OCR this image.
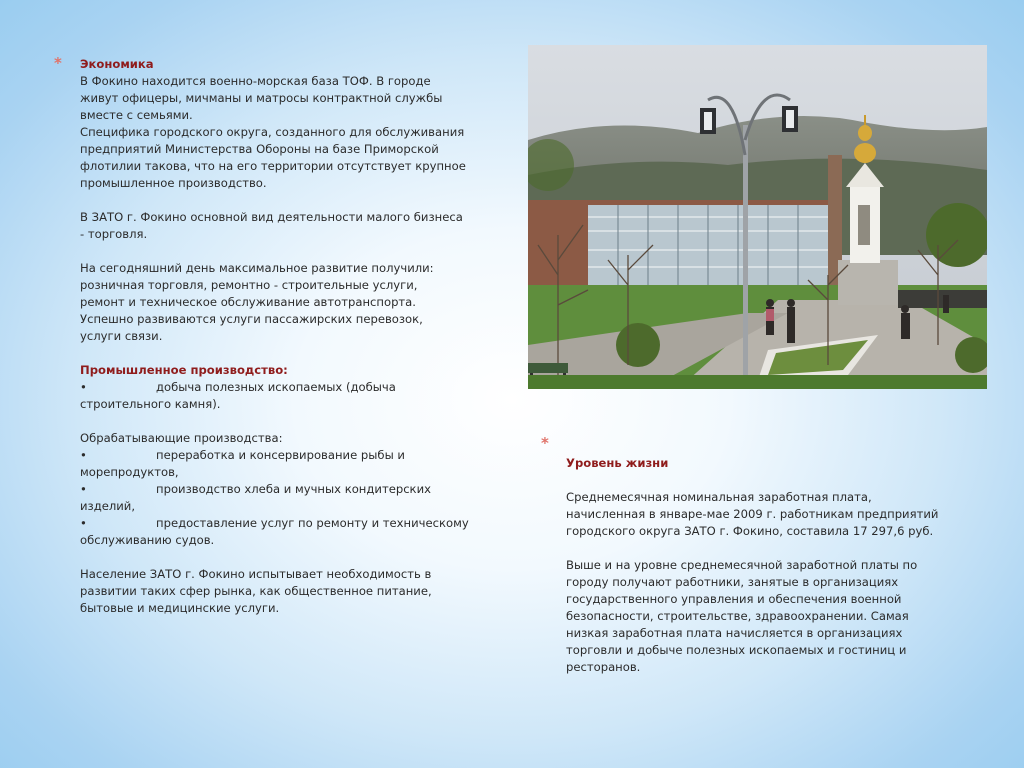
* Экономика

В Фокино находится военно-морская база ТОФ. В городе

живут офицеры, мичманы и матросы контрактной службы

вместе с семьями.

Специфика городского округа, созданного для обслуживания

предприятий Министерства Обороны на базе Приморской

флотилии такова, что на его территории отсутствует крупное

промышленное производство.

В ЗАТО г. Фокино основной вид деятельности малого бизнеса

- торговля.

На сегодняшний день максимальное развитие получили:

розничная торговля, ремонтно - строительные услуги,

ремонт и техническое обслуживание автотранспорта.

Успешно развиваются услуги пассажирских перевозок,

услуги связи.

Промышленное производство:

•	добыча полезных ископаемых (добыча

строительного камня).

Обрабатывающие производства:

•	переработка и консервирование рыбы и

морепродуктов,

•	производство хлеба и мучных кондитерских

изделий,

•	предоставление услуг по ремонту и техническому

обслуживанию судов.

Население ЗАТО г. Фокино испытывает необходимость в

развитии таких сфер рынка, как общественное питание,

бытовые и медицинские услуги.

*

Уровень жизни

Среднемесячная номинальная заработная плата,

начисленная в январе-мае 2009 г. работникам предприятий

городского округа ЗАТО г. Фокино, составила 17 297,6 руб.

Выше и на уровне среднемесячной заработной платы по

городу получают работники, занятые в организациях

государственного управления и обеспечения военной

безопасности, строительстве, здравоохранении. Самая

низкая заработная плата начисляется в организациях

торговли и добыче полезных ископаемых и гостиниц и

ресторанов.
